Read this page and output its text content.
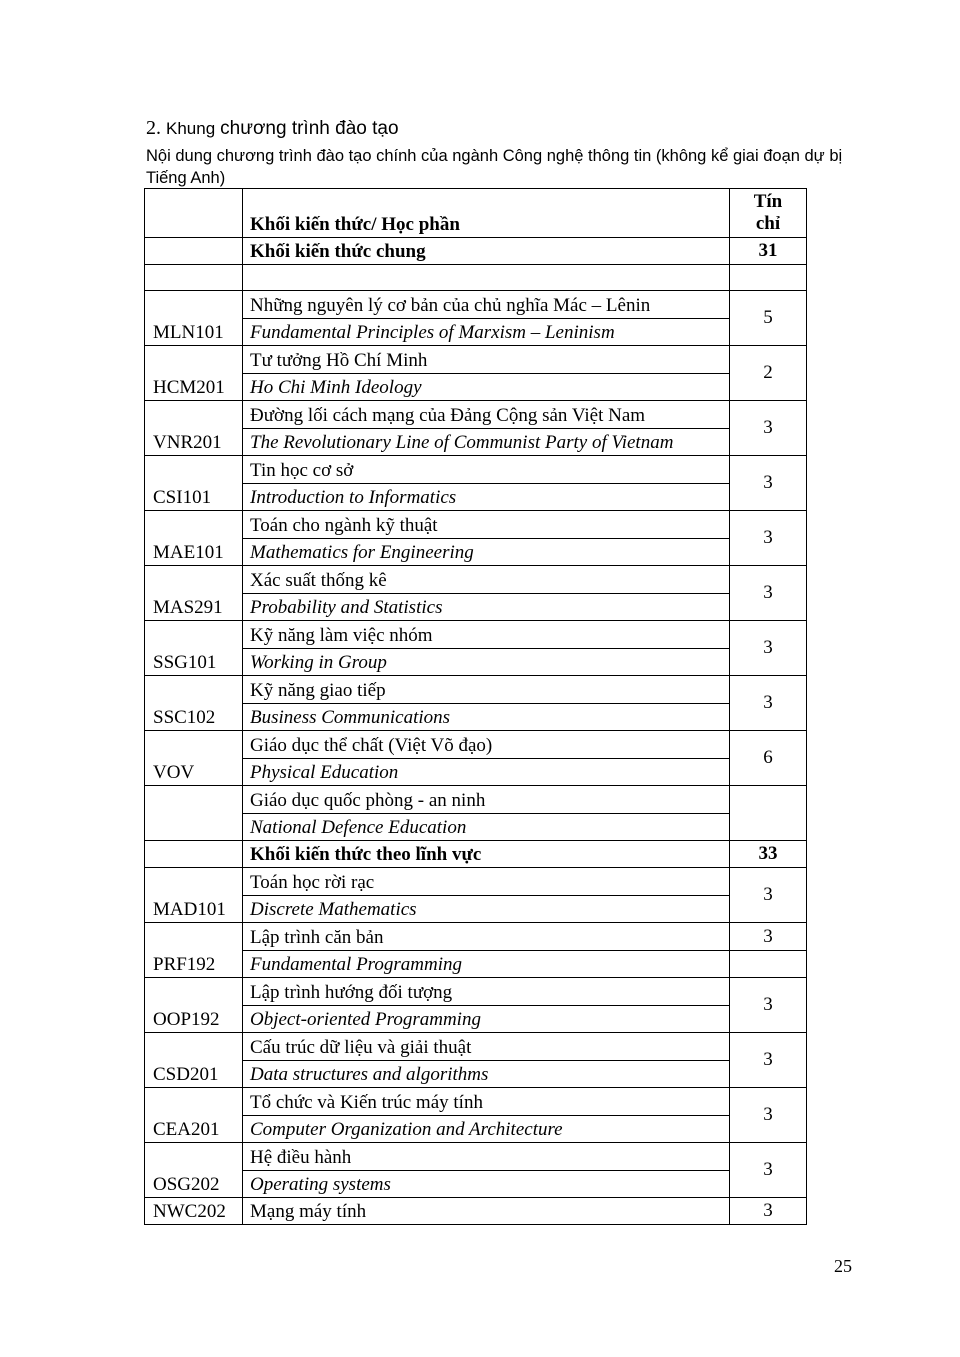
2. Khung chương trình đào tạo
Nội dung chương trình đào tạo chính của ngành Công nghệ thông tin (không kể giai đoạn dự bị Tiếng Anh)
	Khối kiến thức/ Học phần	Tín
chỉ

	Khối kiến thức chung	31

MLN101	Những nguyên lý cơ bản của chủ nghĩa Mác – Lênin	5
	Fundamental Principles of Marxism – Leninism	
HCM201	Tư tưởng Hồ Chí Minh	2
	Ho Chi Minh Ideology	
VNR201	Đường lối cách mạng của Đảng Cộng sản Việt Nam	3
	The Revolutionary Line of Communist Party of Vietnam	
CSI101	Tin học cơ sở	3
	Introduction to Informatics	
MAE101	Toán cho ngành kỹ thuật	3
	Mathematics for Engineering	
MAS291	Xác suất thống kê	3
	Probability and Statistics	
SSG101	Kỹ năng làm việc nhóm	3
	Working in Group	
SSC102	Kỹ năng giao tiếp	3
	Business Communications	
VOV	Giáo dục thể chất (Việt Võ đạo)	6
	Physical Education	
	Giáo dục quốc phòng - an ninh	
	National Defence Education	
	Khối kiến thức theo lĩnh vực	33
MAD101	Toán học rời rạc	3
	Discrete Mathematics	
PRF192	Lập trình căn bản	3
	Fundamental Programming	
OOP192	Lập trình hướng đối tượng	3
	Object-oriented Programming	
CSD201	Cấu trúc dữ liệu và giải thuật	3
	Data structures and algorithms	
CEA201	Tổ chức và Kiến trúc máy tính	3
	Computer Organization and Architecture	
OSG202	Hệ điều hành	3
	Operating systems	
NWC202	Mạng máy tính	3
25
